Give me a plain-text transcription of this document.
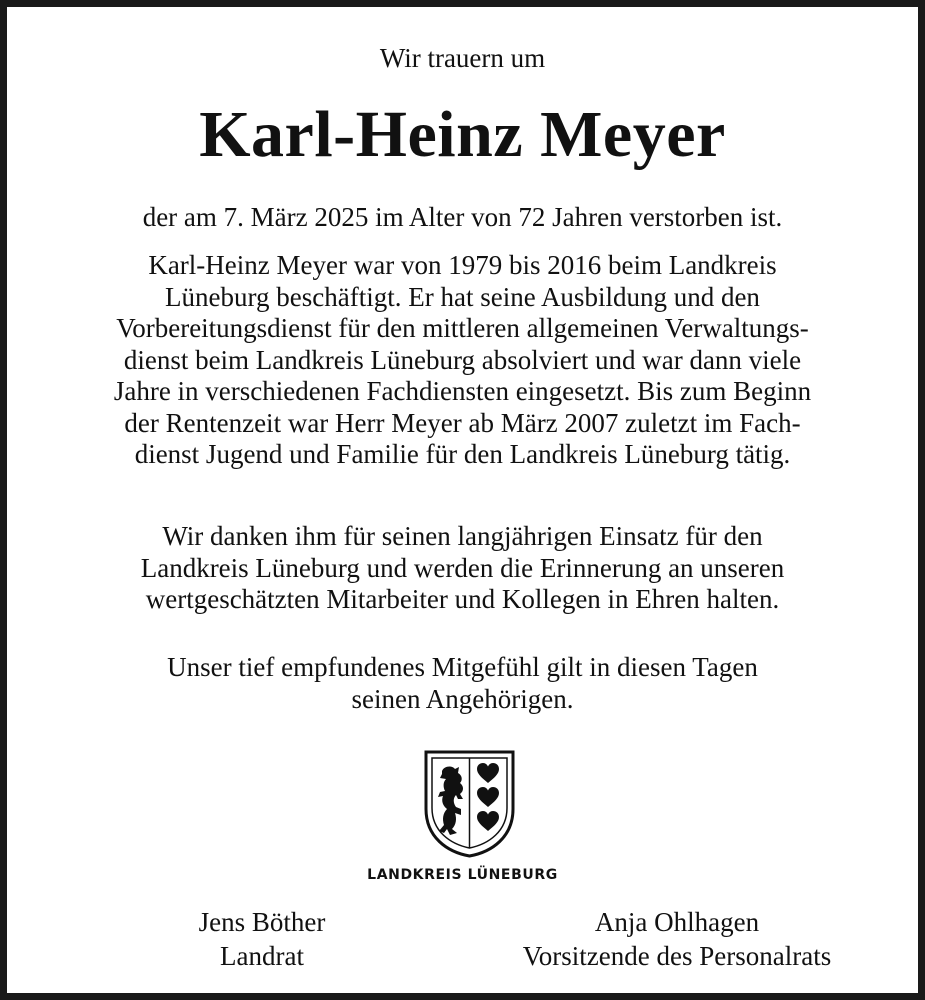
Wir trauern um
Karl-Heinz Meyer
der am 7. März 2025 im Alter von 72 Jahren verstorben ist.
Karl-Heinz Meyer war von 1979 bis 2016 beim Landkreis
Lüneburg beschäftigt. Er hat seine Ausbildung und den
Vorbereitungsdienst für den mittleren allgemeinen Verwaltungs-
dienst beim Landkreis Lüneburg absolviert und war dann viele
Jahre in verschiedenen Fachdiensten eingesetzt. Bis zum Beginn
der Rentenzeit war Herr Meyer ab März 2007 zuletzt im Fach-
dienst Jugend und Familie für den Landkreis Lüneburg tätig.
Wir danken ihm für seinen langjährigen Einsatz für den
Landkreis Lüneburg und werden die Erinnerung an unseren
wertgeschätzten Mitarbeiter und Kollegen in Ehren halten.
Unser tief empfundenes Mitgefühl gilt in diesen Tagen
seinen Angehörigen.
LANDKREIS LÜNEBURG
Jens Böther
Landrat
Anja Ohlhagen
Vorsitzende des Personalrats
